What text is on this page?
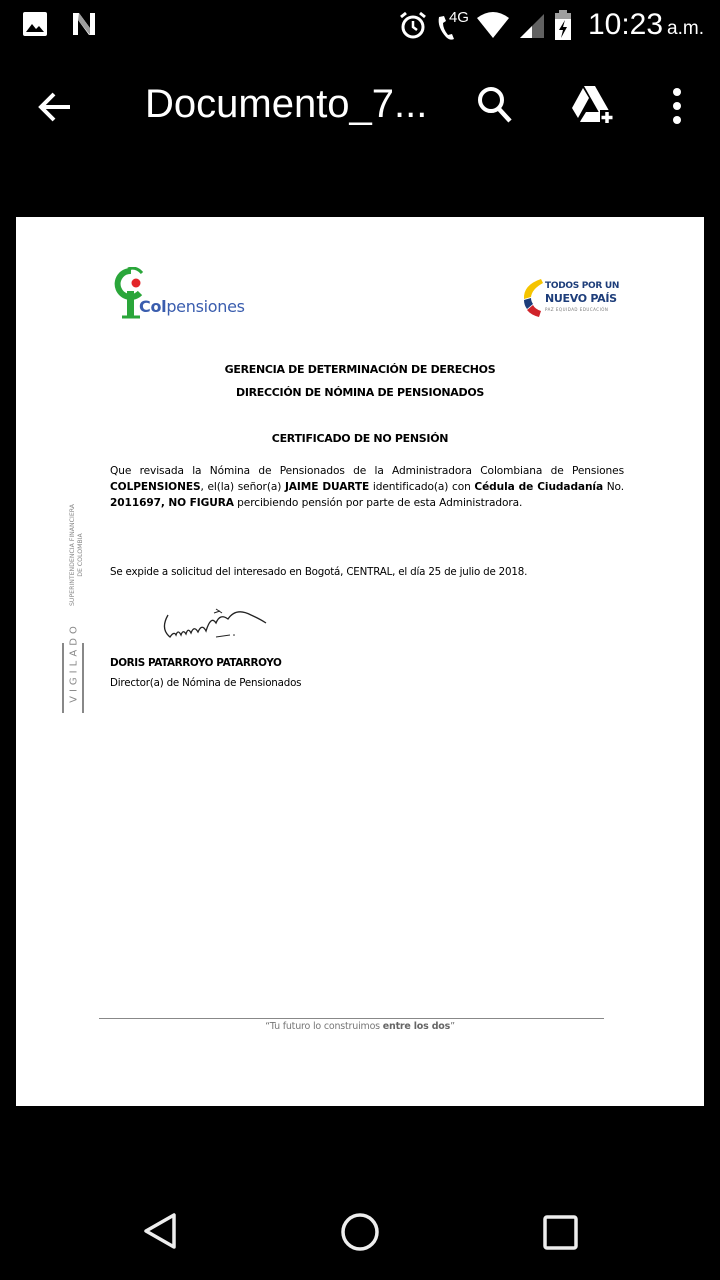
4G	10:23 a.m.
Documento_7...
Colpensiones
TODOS POR UN
NUEVO PAÍS
PAZ EQUIDAD EDUCACIÓN
GERENCIA DE DETERMINACIÓN DE DERECHOS
DIRECCIÓN DE NÓMINA DE PENSIONADOS
CERTIFICADO DE NO PENSIÓN
Que revisada la Nómina de Pensionados de la Administradora Colombiana de Pensiones COLPENSIONES, el(la) señor(a) JAIME DUARTE identificado(a) con Cédula de Ciudadanía No. 2011697, NO FIGURA percibiendo pensión por parte de esta Administradora.
Se expide a solicitud del interesado en Bogotá, CENTRAL, el día 25 de julio de 2018.
DORIS PATARROYO PATARROYO
Director(a) de Nómina de Pensionados
VIGILADO
SUPERINTENDENCIA FINANCIERA
DE COLOMBIA
“Tu futuro lo construimos entre los dos”
